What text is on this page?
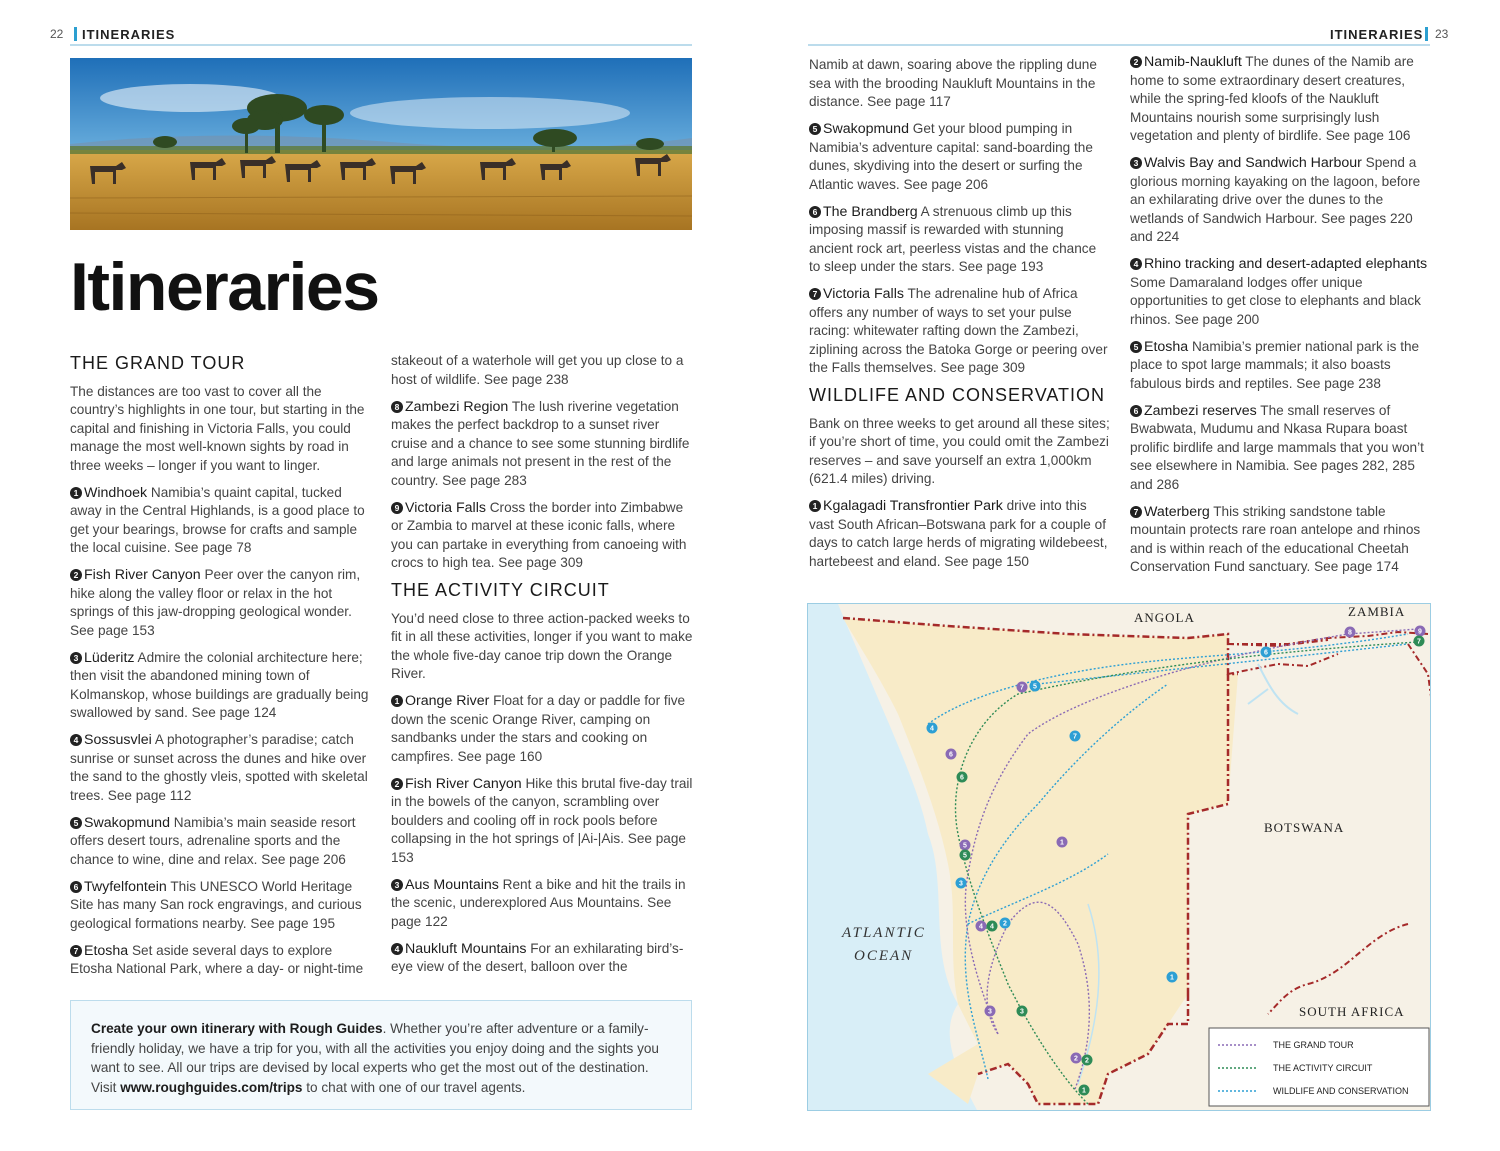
22 ITINERARIES	ITINERARIES 23
Itineraries
THE GRAND TOUR

The distances are too vast to cover all the country’s highlights in one tour, but starting in the capital and finishing in Victoria Falls, you could manage the most well-known sights by road in three weeks – longer if you want to linger.

1 Windhoek Namibia’s quaint capital, tucked away in the Central Highlands, is a good place to get your bearings, browse for crafts and sample the local cuisine. See page 78

2 Fish River Canyon Peer over the canyon rim, hike along the valley floor or relax in the hot springs of this jaw-dropping geological wonder. See page 153

3 Lüderitz Admire the colonial architecture here; then visit the abandoned mining town of Kolmanskop, whose buildings are gradually being swallowed by sand. See page 124

4 Sossusvlei A photographer’s paradise; catch sunrise or sunset across the dunes and hike over the sand to the ghostly vleis, spotted with skeletal trees. See page 112

5 Swakopmund Namibia’s main seaside resort offers desert tours, adrenaline sports and the chance to wine, dine and relax. See page 206

6 Twyfelfontein This UNESCO World Heritage Site has many San rock engravings, and curious geological formations nearby. See page 195

7 Etosha Set aside several days to explore Etosha National Park, where a day- or night-time

stakeout of a waterhole will get you up close to a host of wildlife. See page 238

8 Zambezi Region The lush riverine vegetation makes the perfect backdrop to a sunset river cruise and a chance to see some stunning birdlife and large animals not present in the rest of the country. See page 283

9 Victoria Falls Cross the border into Zimbabwe or Zambia to marvel at these iconic falls, where you can partake in everything from canoeing with crocs to high tea. See page 309

THE ACTIVITY CIRCUIT

You’d need close to three action-packed weeks to fit in all these activities, longer if you want to make the whole five-day canoe trip down the Orange River.

1 Orange River Float for a day or paddle for five down the scenic Orange River, camping on sandbanks under the stars and cooking on campfires. See page 160

2 Fish River Canyon Hike this brutal five-day trail in the bowels of the canyon, scrambling over boulders and cooling off in rock pools before collapsing in the hot springs of |Ai-|Ais. See page 153

3 Aus Mountains Rent a bike and hit the trails in the scenic, underexplored Aus Mountains. See page 122

4 Naukluft Mountains For an exhilarating bird’s-eye view of the desert, balloon over the

Namib at dawn, soaring above the rippling dune sea with the brooding Naukluft Mountains in the distance. See page 117

5 Swakopmund Get your blood pumping in Namibia’s adventure capital: sand-boarding the dunes, skydiving into the desert or surfing the Atlantic waves. See page 206

6 The Brandberg A strenuous climb up this imposing massif is rewarded with stunning ancient rock art, peerless vistas and the chance to sleep under the stars. See page 193

7 Victoria Falls The adrenaline hub of Africa offers any number of ways to set your pulse racing: whitewater rafting down the Zambezi, ziplining across the Batoka Gorge or peering over the Falls themselves. See page 309

WILDLIFE AND CONSERVATION

Bank on three weeks to get around all these sites; if you’re short of time, you could omit the Zambezi reserves – and save yourself an extra 1,000km (621.4 miles) driving.

1 Kgalagadi Transfrontier Park drive into this vast South African–Botswana park for a couple of days to catch large herds of migrating wildebeest, hartebeest and eland. See page 150

2 Namib-Naukluft The dunes of the Namib are home to some extraordinary desert creatures, while the spring-fed kloofs of the Naukluft Mountains nourish some surprisingly lush vegetation and plenty of birdlife. See page 106

3 Walvis Bay and Sandwich Harbour Spend a glorious morning kayaking on the lagoon, before an exhilarating drive over the dunes to the wetlands of Sandwich Harbour. See pages 220 and 224

4 Rhino tracking and desert-adapted elephants Some Damaraland lodges offer unique opportunities to get close to elephants and black rhinos. See page 200

5 Etosha Namibia’s premier national park is the place to spot large mammals; it also boasts fabulous birds and reptiles. See page 238

6 Zambezi reserves The small reserves of Bwabwata, Mudumu and Nkasa Rupara boast prolific birdlife and large mammals that you won’t see elsewhere in Namibia. See pages 282, 285 and 286

7 Waterberg This striking sandstone table mountain protects rare roan antelope and rhinos and is within reach of the educational Cheetah Conservation Fund sanctuary. See page 174

Create your own itinerary with Rough Guides. Whether you’re after adventure or a family-friendly holiday, we have a trip for you, with all the activities you enjoy doing and the sights you want to see. All our trips are devised by local experts who get the most out of the destination. Visit www.roughguides.com/trips to chat with one of our travel agents.
ANGOLA	ZAMBIA
BOTSWANA
SOUTH AFRICA
ATLANTIC
OCEAN
1
1
1
2 2
3	3
2
4 4
3
5
5
6
6
4
7 5
7
6
8	9
7
THE GRAND TOUR
THE ACTIVITY CIRCUIT
WILDLIFE AND CONSERVATION
